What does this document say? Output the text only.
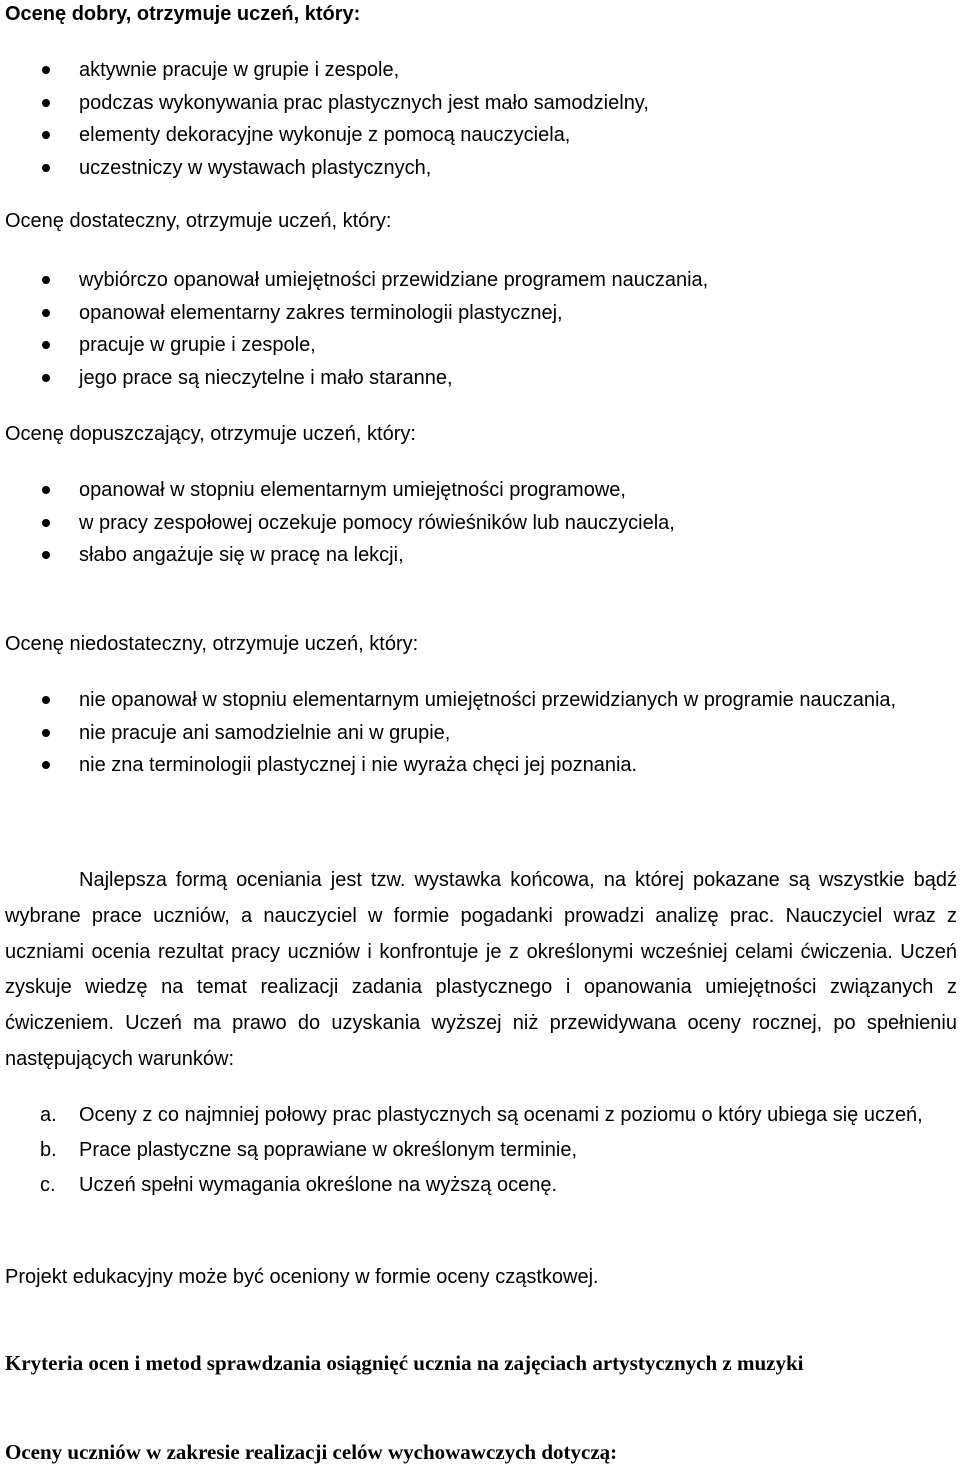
Ocenę dobry, otrzymuje uczeń, który:
aktywnie pracuje w grupie i zespole,
podczas wykonywania prac plastycznych jest mało samodzielny,
elementy dekoracyjne wykonuje z pomocą nauczyciela,
uczestniczy w wystawach plastycznych,
Ocenę dostateczny, otrzymuje uczeń, który:
wybiórczo opanował umiejętności przewidziane programem nauczania,
opanował elementarny zakres terminologii plastycznej,
pracuje w grupie i zespole,
jego prace są nieczytelne i mało staranne,
Ocenę dopuszczający, otrzymuje uczeń, który:
opanował w stopniu elementarnym umiejętności programowe,
w pracy zespołowej oczekuje pomocy rówieśników lub nauczyciela,
słabo angażuje się w pracę na lekcji,
Ocenę niedostateczny, otrzymuje uczeń, który:
nie opanował w stopniu elementarnym umiejętności przewidzianych w programie nauczania,
nie pracuje ani samodzielnie ani w grupie,
nie zna terminologii plastycznej i nie wyraża chęci jej poznania.
Najlepsza formą oceniania jest tzw. wystawka końcowa, na której pokazane są wszystkie bądź wybrane prace uczniów, a nauczyciel w formie pogadanki prowadzi analizę prac. Nauczyciel wraz z uczniami ocenia rezultat pracy uczniów i konfrontuje je z określonymi wcześniej celami ćwiczenia. Uczeń zyskuje wiedzę na temat realizacji zadania plastycznego i opanowania umiejętności związanych z ćwiczeniem. Uczeń ma prawo do uzyskania wyższej niż przewidywana oceny rocznej, po spełnieniu następujących warunków:
a. Oceny z co najmniej połowy prac plastycznych są ocenami z poziomu o który ubiega się uczeń,
b. Prace plastyczne są poprawiane w określonym terminie,
c. Uczeń spełni wymagania określone na wyższą ocenę.
Projekt edukacyjny może być oceniony w formie oceny cząstkowej.
Kryteria ocen i metod sprawdzania osiągnięć ucznia na zajęciach artystycznych z muzyki
Oceny uczniów w zakresie realizacji celów wychowawczych dotyczą:
